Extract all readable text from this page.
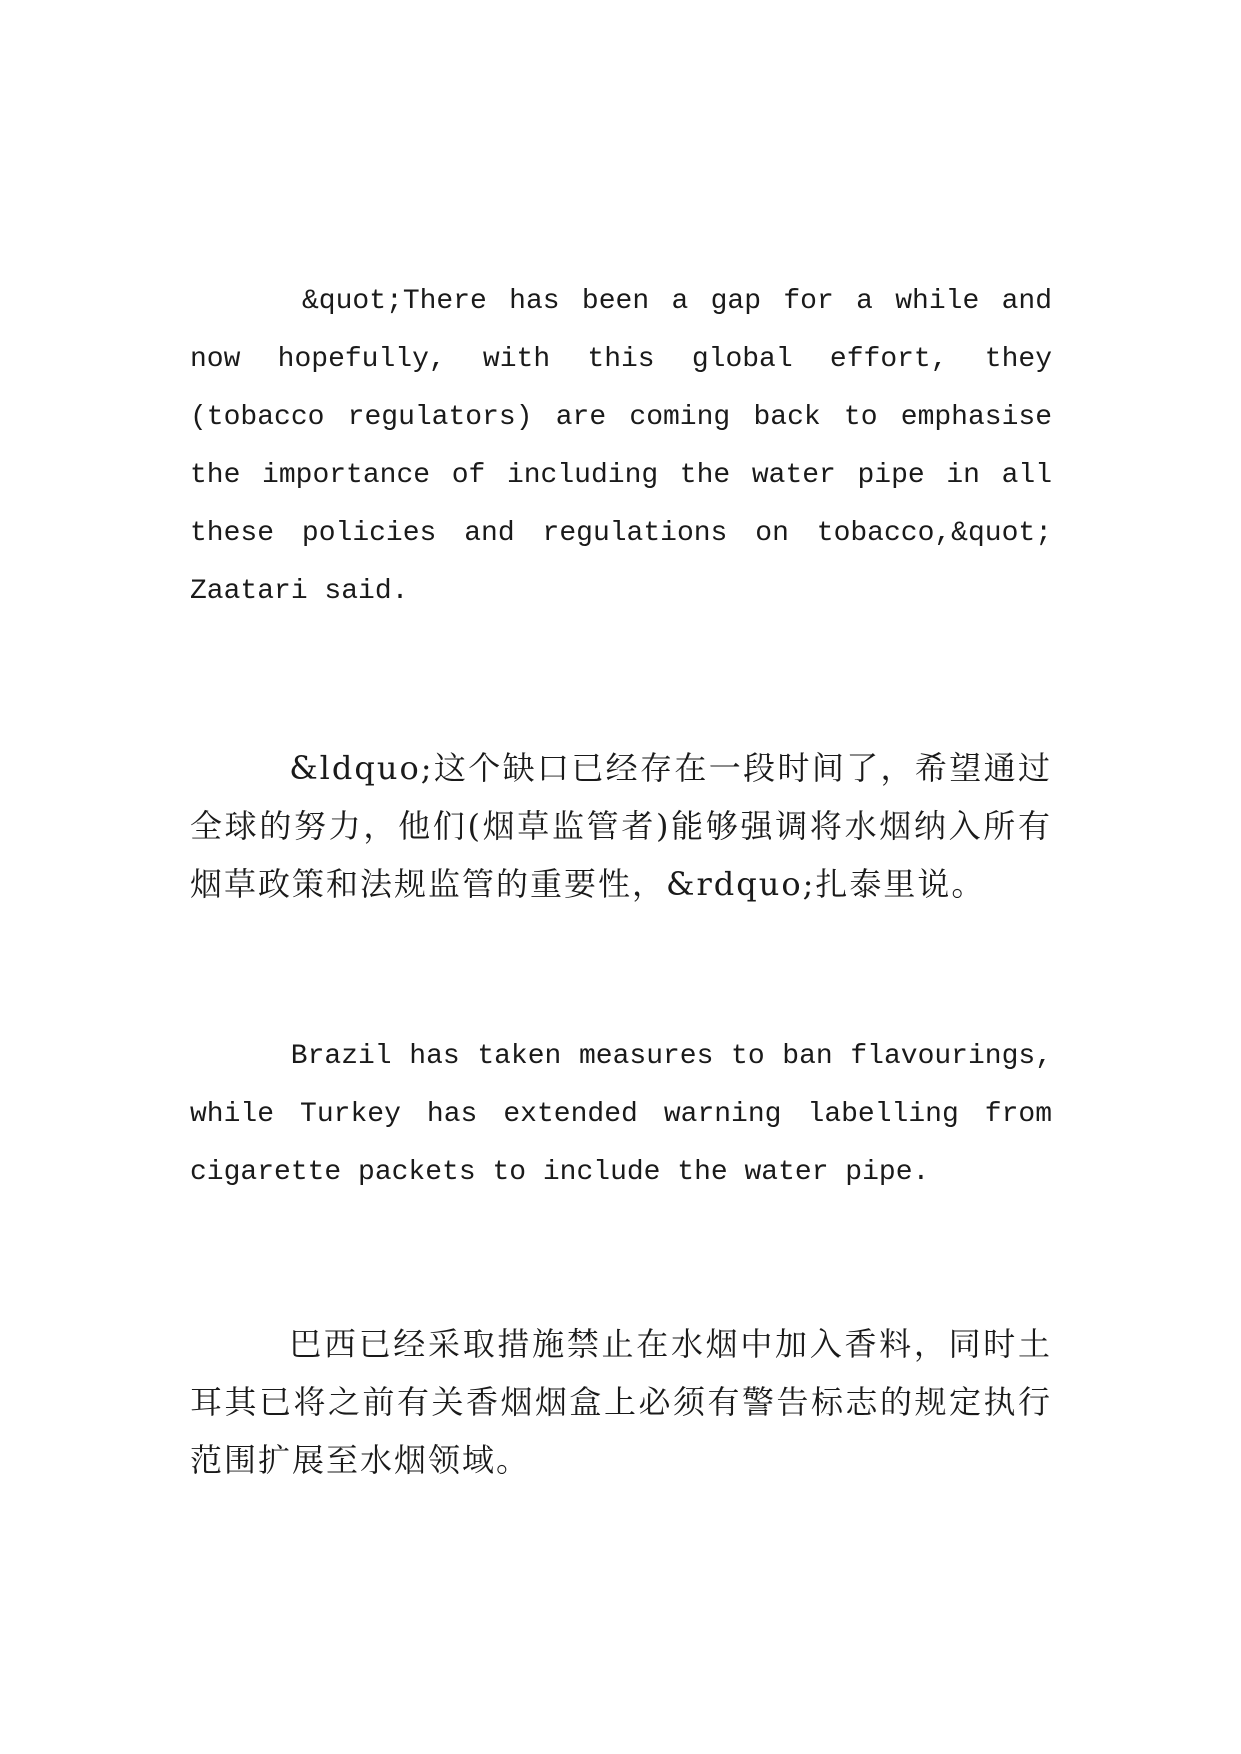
&quot;There has been a gap for a while and now hopefully, with this global effort, they (tobacco regulators) are coming back to emphasise the importance of including the water pipe in all these policies and regulations on tobacco,&quot; Zaatari said.

&ldquo;这个缺口已经存在一段时间了，希望通过全球的努力，他们(烟草监管者)能够强调将水烟纳入所有烟草政策和法规监管的重要性，&rdquo;扎泰里说。

Brazil has taken measures to ban flavourings, while Turkey has extended warning labelling from cigarette packets to include the water pipe.

巴西已经采取措施禁止在水烟中加入香料，同时土耳其已将之前有关香烟烟盒上必须有警告标志的规定执行范围扩展至水烟领域。
